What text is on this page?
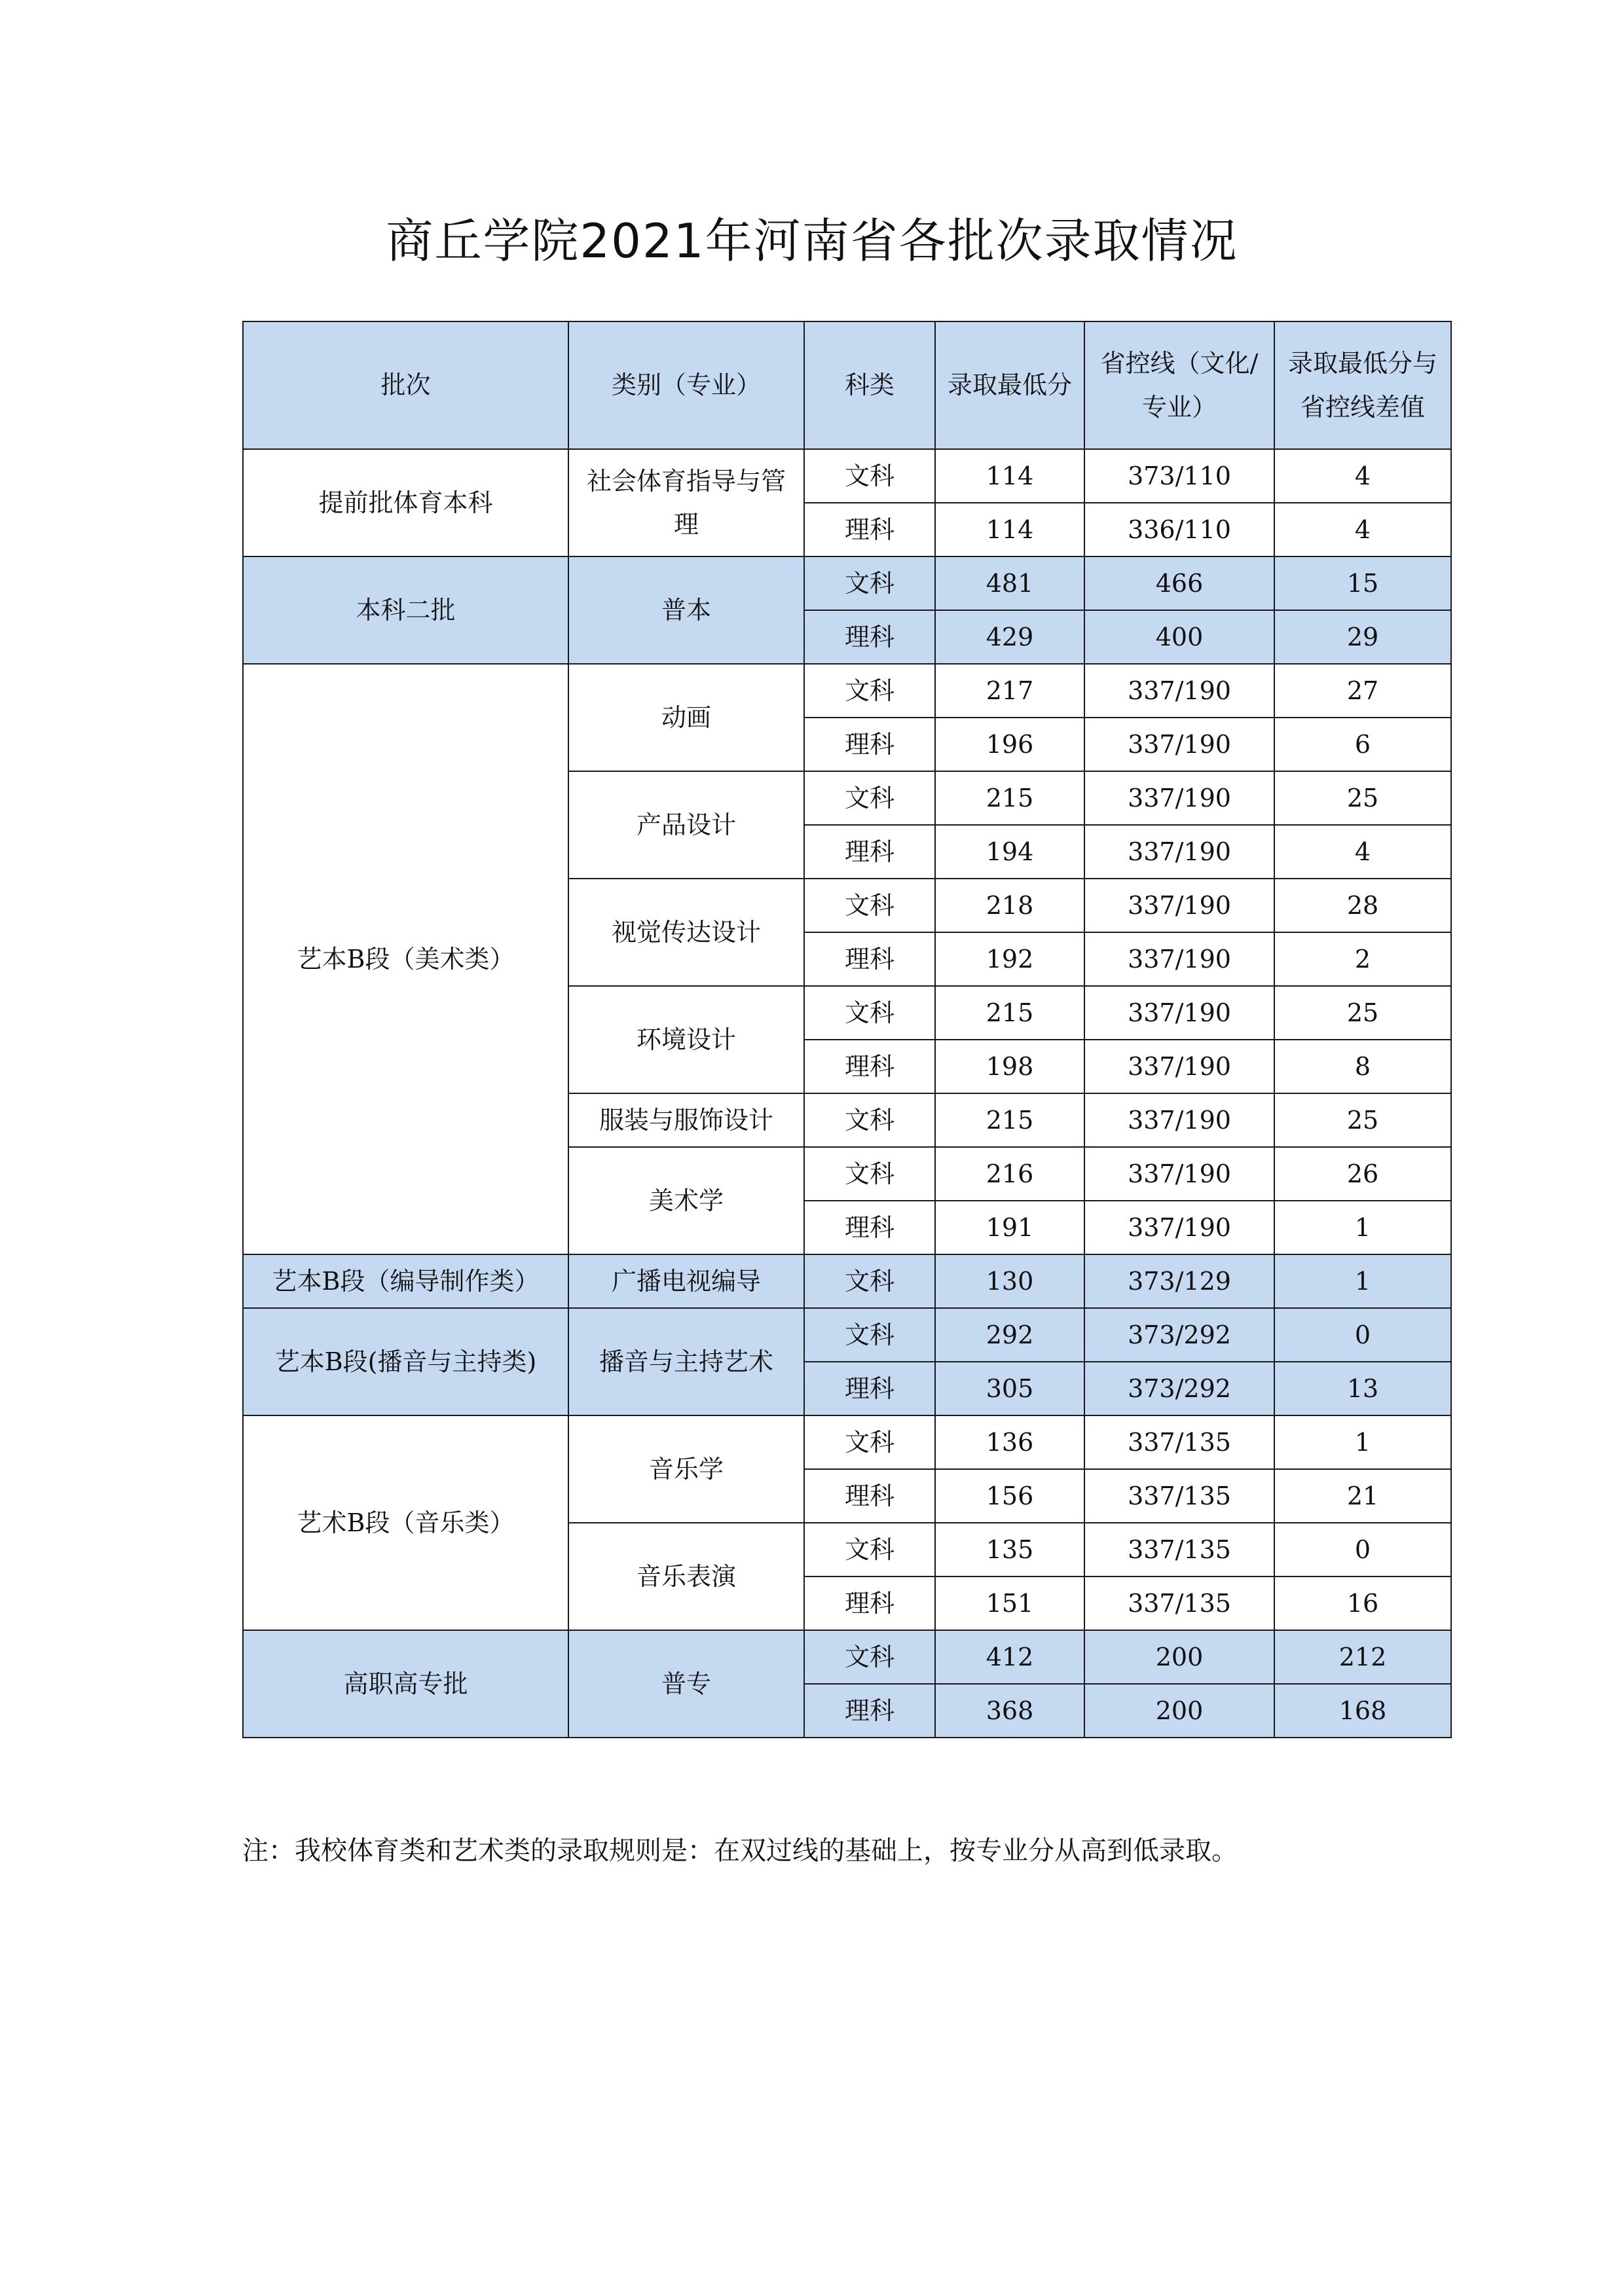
商丘学院2021年河南省各批次录取情况
批次	类别（专业）	科类	录取最低分	省控线（文化/专业）	录取最低分与省控线差值
提前批体育本科	社会体育指导与管理	文科	114	373/110	4
		理科	114	336/110	4
本科二批	普本	文科	481	466	15
		理科	429	400	29
艺本B段（美术类）	动画	文科	217	337/190	27
		理科	196	337/190	6
	产品设计	文科	215	337/190	25
		理科	194	337/190	4
	视觉传达设计	文科	218	337/190	28
		理科	192	337/190	2
	环境设计	文科	215	337/190	25
		理科	198	337/190	8
	服装与服饰设计	文科	215	337/190	25
	美术学	文科	216	337/190	26
		理科	191	337/190	1
艺本B段（编导制作类）	广播电视编导	文科	130	373/129	1
艺本B段(播音与主持类)	播音与主持艺术	文科	292	373/292	0
		理科	305	373/292	13
艺术B段（音乐类）	音乐学	文科	136	337/135	1
		理科	156	337/135	21
	音乐表演	文科	135	337/135	0
		理科	151	337/135	16
高职高专批	普专	文科	412	200	212
		理科	368	200	168
注：我校体育类和艺术类的录取规则是：在双过线的基础上，按专业分从高到低录取。
